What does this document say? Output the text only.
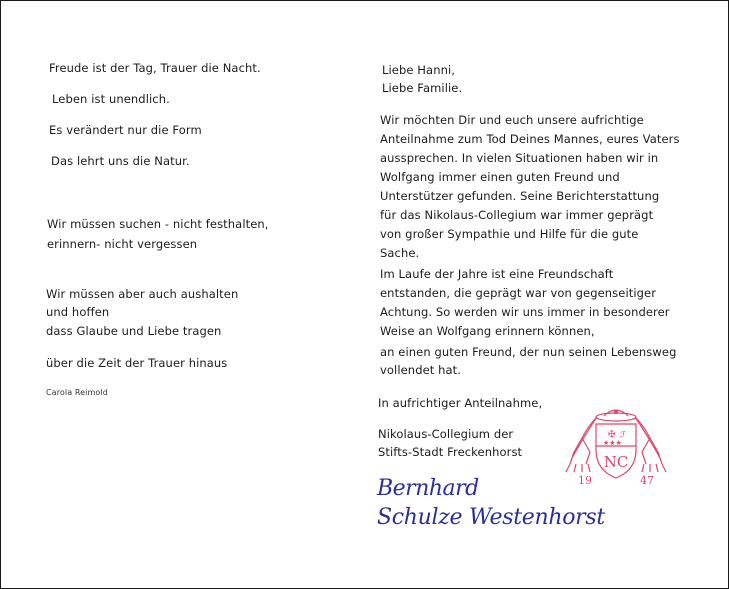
Freude ist der Tag, Trauer die Nacht.
Leben ist unendlich.
Es verändert nur die Form
Das lehrt uns die Natur.
Wir müssen suchen - nicht festhalten,
erinnern- nicht vergessen
Wir müssen aber auch aushalten
und hoffen
dass Glaube und Liebe tragen
über die Zeit der Trauer hinaus
Carola Reimold
Liebe Hanni,
Liebe Familie.
Wir möchten Dir und euch unsere aufrichtige
Anteilnahme zum Tod Deines Mannes, eures Vaters
aussprechen. In vielen Situationen haben wir in
Wolfgang immer einen guten Freund und
Unterstützer gefunden. Seine Berichterstattung
für das Nikolaus-Collegium war immer geprägt
von großer Sympathie und Hilfe für die gute
Sache.
Im Laufe der Jahre ist eine Freundschaft
entstanden, die geprägt war von gegenseitiger
Achtung. So werden wir uns immer in besonderer
Weise an Wolfgang erinnern können,
an einen guten Freund, der nun seinen Lebensweg
vollendet hat.
In aufrichtiger Anteilnahme,
Nikolaus-Collegium der
Stifts-Stadt Freckenhorst
✠ ℱ
★★★
NC
19	47
Bernhard
Schulze Westenhorst
